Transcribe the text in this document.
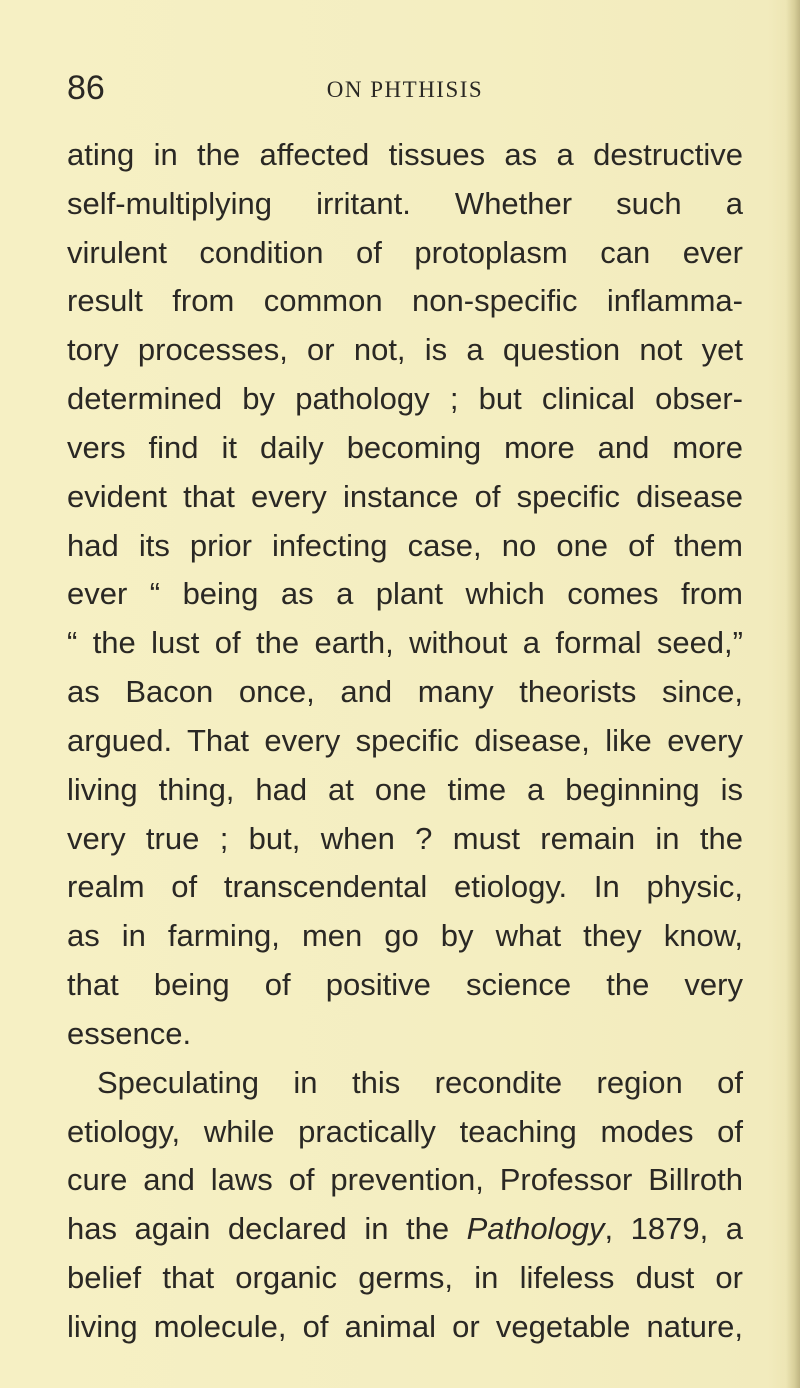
86	ON PHTHISIS
ating in the affected tissues as a destructive
self-multiplying irritant. Whether such a
virulent condition of protoplasm can ever
result from common non-specific inflamma-
tory processes, or not, is a question not yet
determined by pathology ; but clinical obser-
vers find it daily becoming more and more
evident that every instance of specific disease
had its prior infecting case, no one of them
ever “ being as a plant which comes from
“ the lust of the earth, without a formal seed,”
as Bacon once, and many theorists since,
argued. That every specific disease, like every
living thing, had at one time a beginning is
very true ; but, when ? must remain in the
realm of transcendental etiology. In physic,
as in farming, men go by what they know,
that being of positive science the very
essence.
Speculating in this recondite region of
etiology, while practically teaching modes of
cure and laws of prevention, Professor Billroth
has again declared in the Pathology, 1879, a
belief that organic germs, in lifeless dust or
living molecule, of animal or vegetable nature,
